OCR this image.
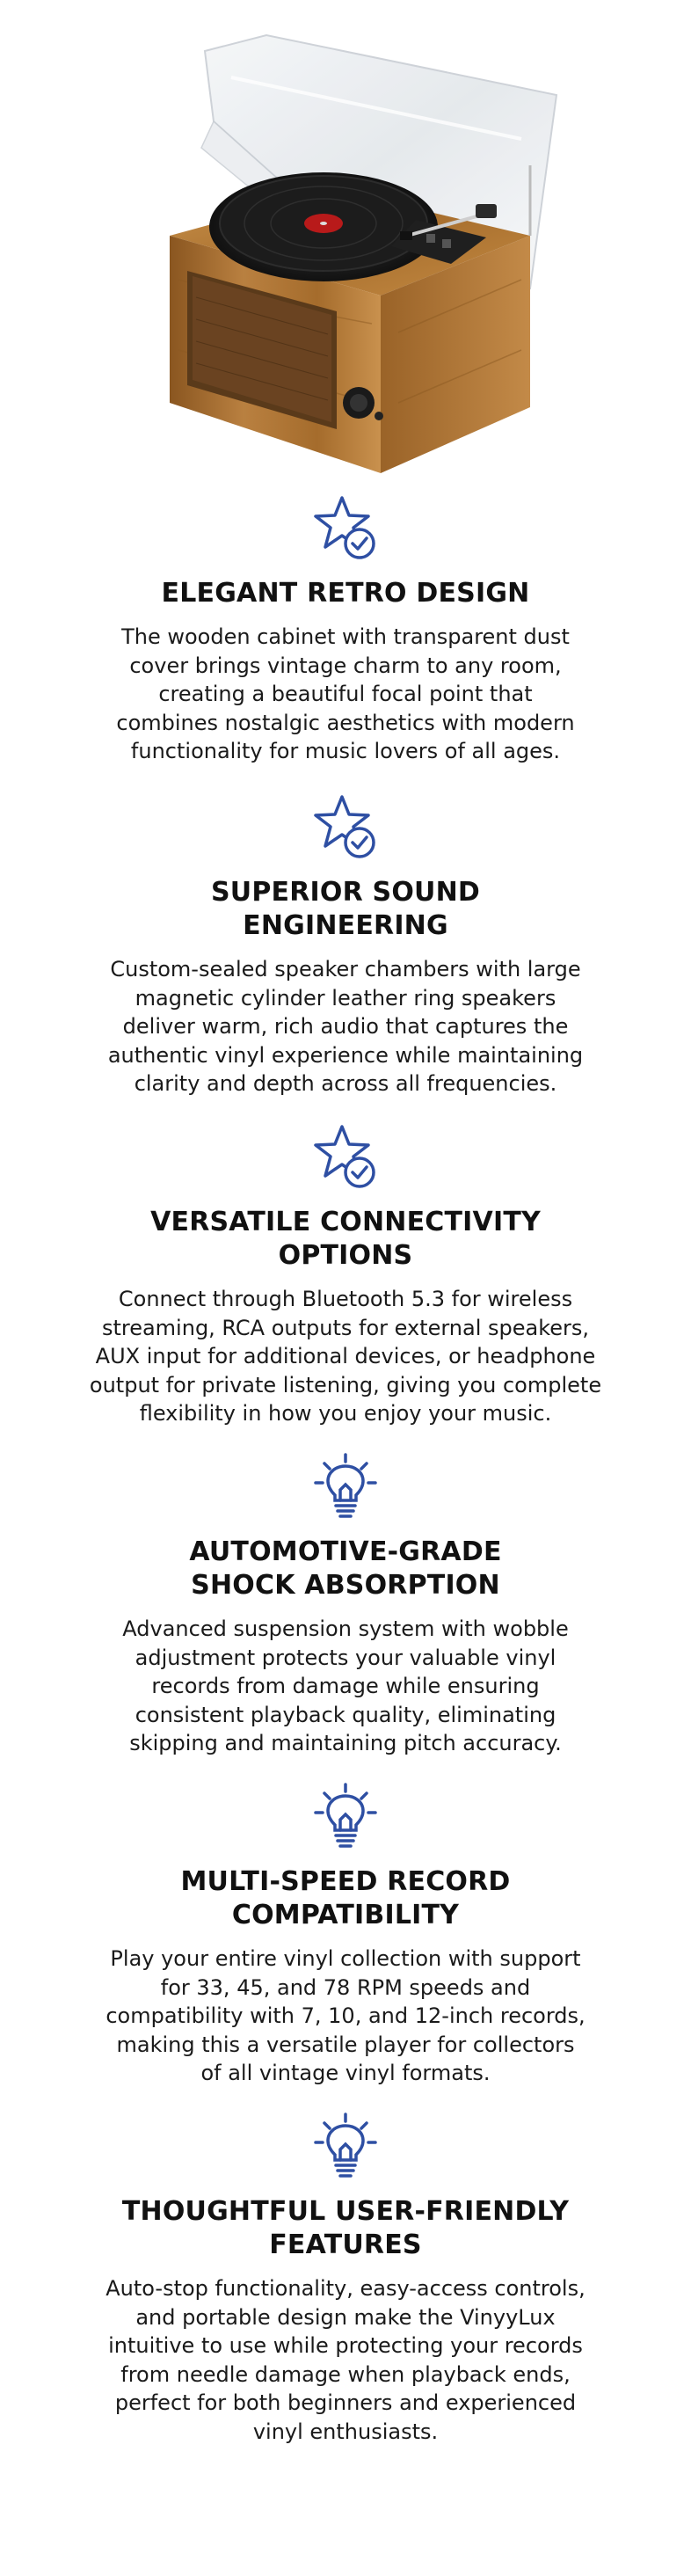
ELEGANT RETRO DESIGN

The wooden cabinet with transparent dust
cover brings vintage charm to any room,
creating a beautiful focal point that
combines nostalgic aesthetics with modern
functionality for music lovers of all ages.

SUPERIOR SOUND
ENGINEERING

Custom-sealed speaker chambers with large
magnetic cylinder leather ring speakers
deliver warm, rich audio that captures the
authentic vinyl experience while maintaining
clarity and depth across all frequencies.

VERSATILE CONNECTIVITY
OPTIONS

Connect through Bluetooth 5.3 for wireless
streaming, RCA outputs for external speakers,
AUX input for additional devices, or headphone
output for private listening, giving you complete
flexibility in how you enjoy your music.

AUTOMOTIVE-GRADE
SHOCK ABSORPTION

Advanced suspension system with wobble
adjustment protects your valuable vinyl
records from damage while ensuring
consistent playback quality, eliminating
skipping and maintaining pitch accuracy.

MULTI-SPEED RECORD
COMPATIBILITY

Play your entire vinyl collection with support
for 33, 45, and 78 RPM speeds and
compatibility with 7, 10, and 12-inch records,
making this a versatile player for collectors
of all vintage vinyl formats.

THOUGHTFUL USER-FRIENDLY
FEATURES

Auto-stop functionality, easy-access controls,
and portable design make the VinyyLux
intuitive to use while protecting your records
from needle damage when playback ends,
perfect for both beginners and experienced
vinyl enthusiasts.
